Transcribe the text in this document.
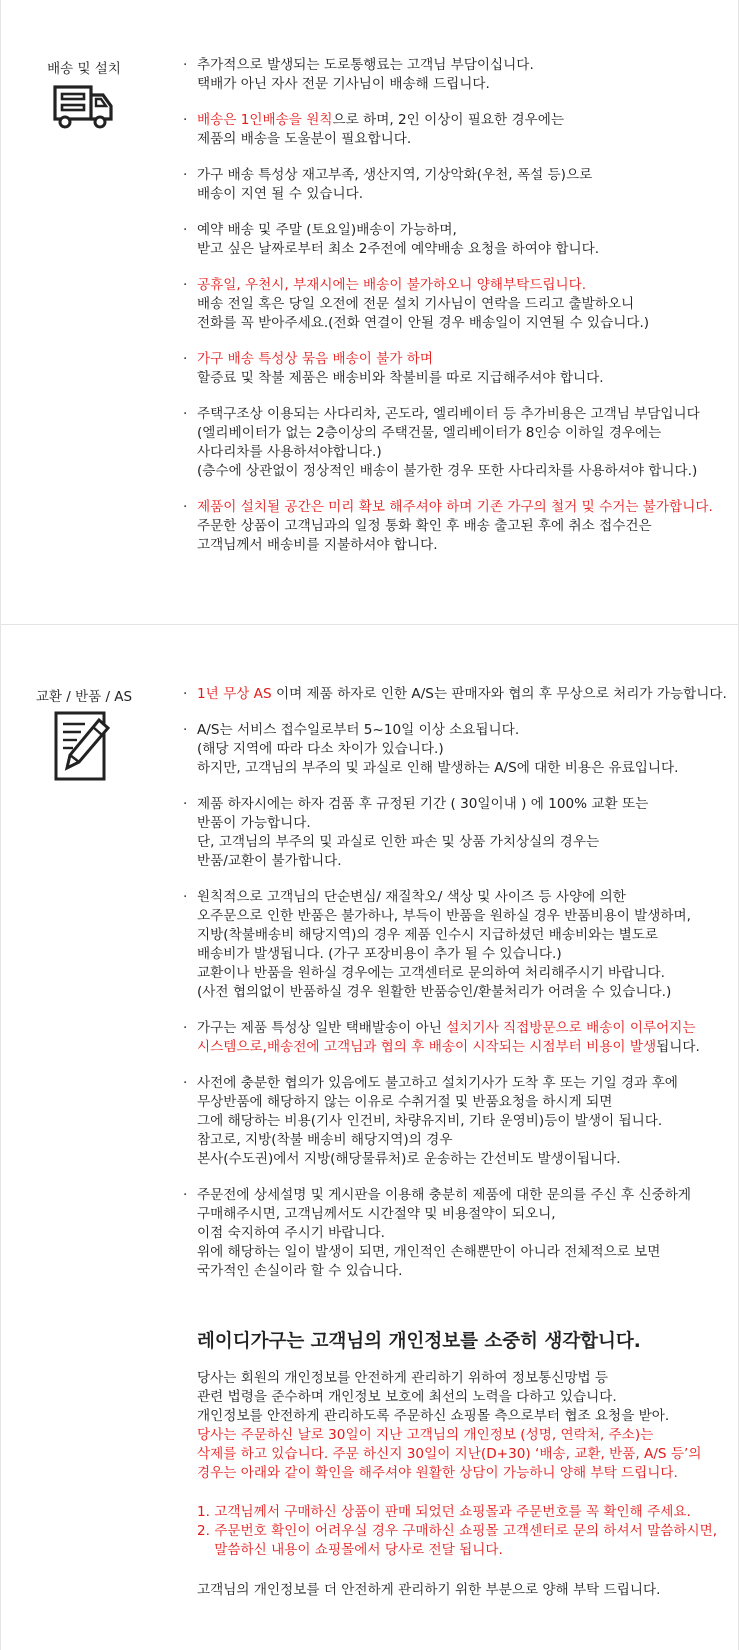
배송 및 설치	· 추가적으로 발생되는 도로통행료는 고객님 부담이십니다.
택배가 아닌 자사 전문 기사님이 배송해 드립니다.
· 배송은 1인배송을 원칙으로 하며, 2인 이상이 필요한 경우에는
제품의 배송을 도울분이 필요합니다.
· 가구 배송 특성상 재고부족, 생산지역, 기상악화(우천, 폭설 등)으로
배송이 지연 될 수 있습니다.
· 예약 배송 및 주말 (토요일)배송이 가능하며,
받고 싶은 날짜로부터 최소 2주전에 예약배송 요청을 하여야 합니다.
· 공휴일, 우천시, 부재시에는 배송이 불가하오니 양해부탁드립니다.
배송 전일 혹은 당일 오전에 전문 설치 기사님이 연락을 드리고 출발하오니
전화를 꼭 받아주세요.(전화 연결이 안될 경우 배송일이 지연될 수 있습니다.)
· 가구 배송 특성상 묶음 배송이 불가 하며
할증료 및 착불 제품은 배송비와 착불비를 따로 지급해주셔야 합니다.
· 주택구조상 이용되는 사다리차, 곤도라, 엘리베이터 등 추가비용은 고객님 부담입니다
(엘리베이터가 없는 2층이상의 주택건물, 엘리베이터가 8인승 이하일 경우에는
사다리차를 사용하셔야합니다.)
(층수에 상관없이 정상적인 배송이 불가한 경우 또한 사다리차를 사용하셔야 합니다.)
· 제품이 설치될 공간은 미리 확보 해주셔야 하며 기존 가구의 철거 및 수거는 불가합니다.
주문한 상품이 고객님과의 일정 통화 확인 후 배송 출고된 후에 취소 접수건은
고객님께서 배송비를 지불하셔야 합니다.
교환 / 반품 / AS	· 1년 무상 AS 이며 제품 하자로 인한 A/S는 판매자와 협의 후 무상으로 처리가 가능합니다.
· A/S는 서비스 접수일로부터 5~10일 이상 소요됩니다.
(해당 지역에 따라 다소 차이가 있습니다.)
하지만, 고객님의 부주의 및 과실로 인해 발생하는 A/S에 대한 비용은 유료입니다.
· 제품 하자시에는 하자 검품 후 규정된 기간 ( 30일이내 ) 에 100% 교환 또는
반품이 가능합니다.
단, 고객님의 부주의 및 과실로 인한 파손 및 상품 가치상실의 경우는
반품/교환이 불가합니다.
· 원칙적으로 고객님의 단순변심/ 재질착오/ 색상 및 사이즈 등 사양에 의한
오주문으로 인한 반품은 불가하나, 부득이 반품을 원하실 경우 반품비용이 발생하며,
지방(착불배송비 해당지역)의 경우 제품 인수시 지급하셨던 배송비와는 별도로
배송비가 발생됩니다. (가구 포장비용이 추가 될 수 있습니다.)
교환이나 반품을 원하실 경우에는 고객센터로 문의하여 처리해주시기 바랍니다.
(사전 협의없이 반품하실 경우 원활한 반품승인/환불처리가 어려울 수 있습니다.)
· 가구는 제품 특성상 일반 택배발송이 아닌 설치기사 직접방문으로 배송이 이루어지는
시스템으로,배송전에 고객님과 협의 후 배송이 시작되는 시점부터 비용이 발생됩니다.
· 사전에 충분한 협의가 있음에도 불고하고 설치기사가 도착 후 또는 기일 경과 후에
무상반품에 해당하지 않는 이유로 수취거절 및 반품요청을 하시게 되면
그에 해당하는 비용(기사 인건비, 차량유지비, 기타 운영비)등이 발생이 됩니다.
참고로, 지방(착불 배송비 해당지역)의 경우
본사(수도권)에서 지방(해당물류처)로 운송하는 간선비도 발생이됩니다.
· 주문전에 상세설명 및 게시판을 이용해 충분히 제품에 대한 문의를 주신 후 신중하게
구매해주시면, 고객님께서도 시간절약 및 비용절약이 되오니,
이점 숙지하여 주시기 바랍니다.
위에 해당하는 일이 발생이 되면, 개인적인 손해뿐만이 아니라 전체적으로 보면
국가적인 손실이라 할 수 있습니다.
레이디가구는 고객님의 개인정보를 소중히 생각합니다.
당사는 회원의 개인정보를 안전하게 관리하기 위하여 정보통신망법 등
관련 법령을 준수하며 개인정보 보호에 최선의 노력을 다하고 있습니다.
개인정보를 안전하게 관리하도록 주문하신 쇼핑몰 측으로부터 협조 요청을 받아.
당사는 주문하신 날로 30일이 지난 고객님의 개인정보 (성명, 연락처, 주소)는
삭제를 하고 있습니다. 주문 하신지 30일이 지난(D+30) ‘배송, 교환, 반품, A/S 등’의
경우는 아래와 같이 확인을 해주셔야 원활한 상담이 가능하니 양해 부탁 드립니다.
1. 고객님께서 구매하신 상품이 판매 되었던 쇼핑몰과 주문번호를 꼭 확인해 주세요.
2. 주문번호 확인이 어려우실 경우 구매하신 쇼핑몰 고객센터로 문의 하셔서 말씀하시면,
말씀하신 내용이 쇼핑몰에서 당사로 전달 됩니다.
고객님의 개인정보를 더 안전하게 관리하기 위한 부분으로 양해 부탁 드립니다.
